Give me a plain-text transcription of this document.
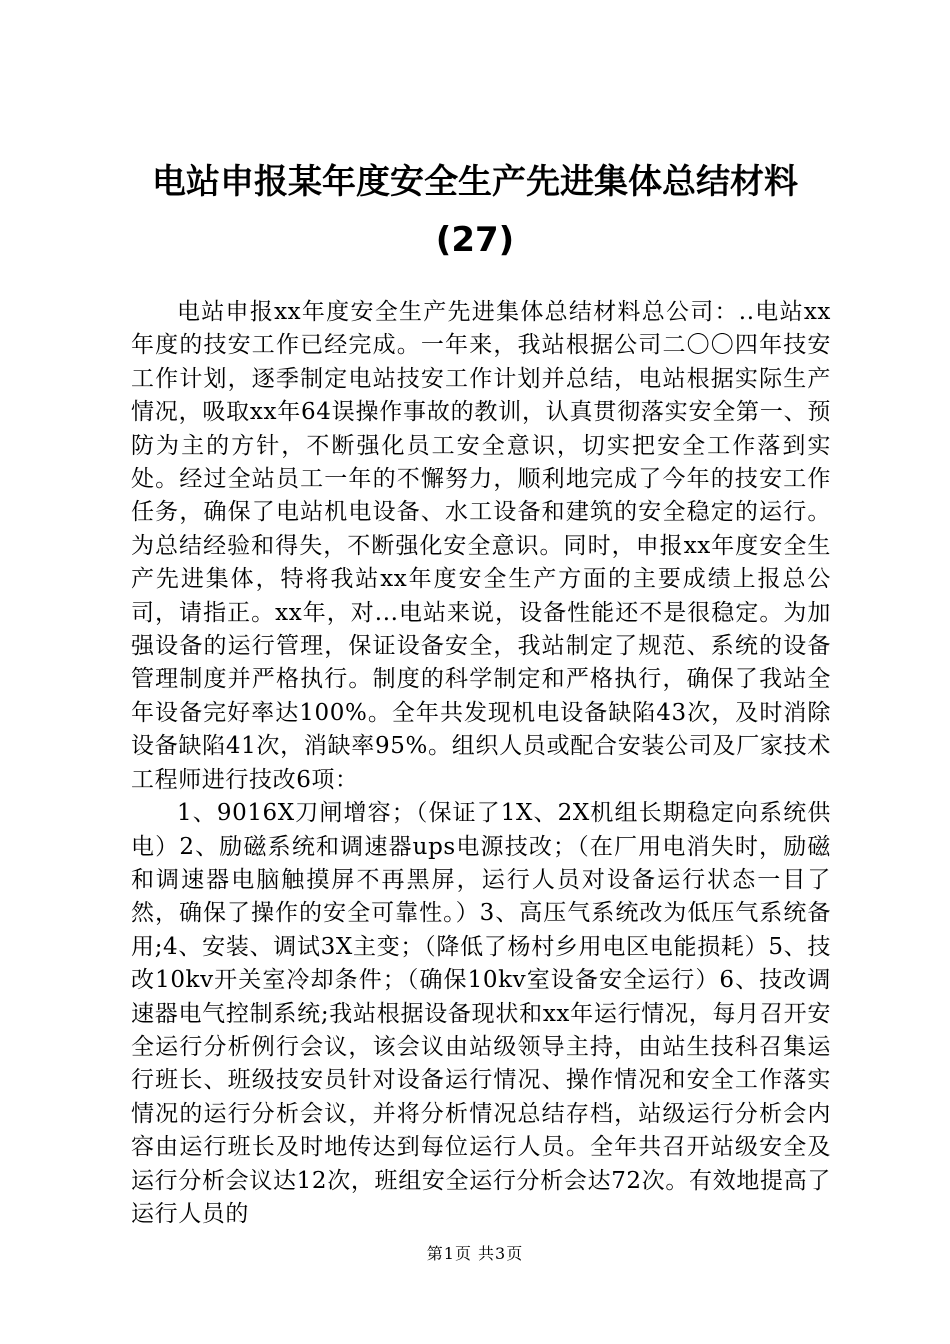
电站申报某年度安全生产先进集体总结材料
(27)

电站申报xx年度安全生产先进集体总结材料总公司：..电站xx年度的技安工作已经完成。一年来，我站根据公司二〇〇四年技安工作计划，逐季制定电站技安工作计划并总结，电站根据实际生产情况，吸取xx年64误操作事故的教训，认真贯彻落实安全第一、预防为主的方针，不断强化员工安全意识，切实把安全工作落到实处。经过全站员工一年的不懈努力，顺利地完成了今年的技安工作任务，确保了电站机电设备、水工设备和建筑的安全稳定的运行。为总结经验和得失，不断强化安全意识。同时，申报xx年度安全生产先进集体，特将我站xx年度安全生产方面的主要成绩上报总公司，请指正。xx年，对...电站来说，设备性能还不是很稳定。为加强设备的运行管理，保证设备安全，我站制定了规范、系统的设备管理制度并严格执行。制度的科学制定和严格执行，确保了我站全年设备完好率达100%。全年共发现机电设备缺陷43次，及时消除设备缺陷41次，消缺率95%。组织人员或配合安装公司及厂家技术工程师进行技改6项：

1、9016X刀闸增容；（保证了1X、2X机组长期稳定向系统供电）2、励磁系统和调速器ups电源技改；（在厂用电消失时，励磁和调速器电脑触摸屏不再黑屏，运行人员对设备运行状态一目了然，确保了操作的安全可靠性。）3、高压气系统改为低压气系统备用;4、安装、调试3X主变；（降低了杨村乡用电区电能损耗）5、技改10kv开关室冷却条件；（确保10kv室设备安全运行）6、技改调速器电气控制系统;我站根据设备现状和xx年运行情况，每月召开安全运行分析例行会议，该会议由站级领导主持，由站生技科召集运行班长、班级技安员针对设备运行情况、操作情况和安全工作落实情况的运行分析会议，并将分析情况总结存档，站级运行分析会内容由运行班长及时地传达到每位运行人员。全年共召开站级安全及运行分析会议达12次，班组安全运行分析会达72次。有效地提高了运行人员的

第1页 共3页
